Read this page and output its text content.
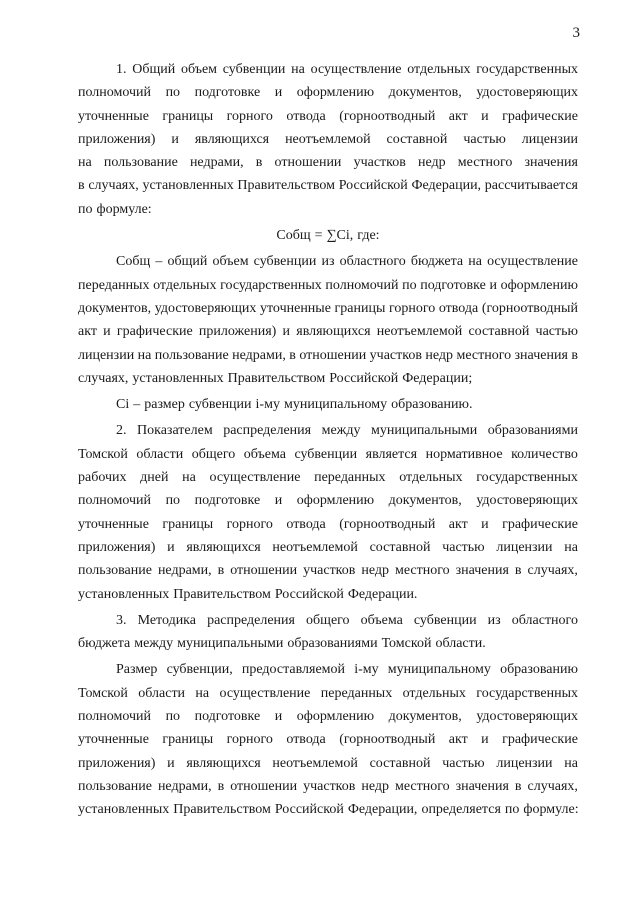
3
1. Общий объем субвенции на осуществление отдельных государственных
полномочий по подготовке и оформлению документов, удостоверяющих
уточненные границы горного отвода (горноотводный акт и графические
приложения) и являющихся неотъемлемой составной частью лицензии
на пользование недрами, в отношении участков недр местного значения
в случаях, установленных Правительством Российской Федерации, рассчитывается
по формуле:
Собщ = ∑Сi, где:
Собщ – общий объем субвенции из областного бюджета на осуществление
переданных отдельных государственных полномочий по подготовке и оформлению
документов, удостоверяющих уточненные границы горного отвода (горноотводный
акт и графические приложения) и являющихся неотъемлемой составной частью
лицензии на пользование недрами, в отношении участков недр местного значения в
случаях, установленных Правительством Российской Федерации;
Сi – размер субвенции i-му муниципальному образованию.
2. Показателем распределения между муниципальными образованиями
Томской области общего объема субвенции является нормативное количество
рабочих дней на осуществление переданных отдельных государственных
полномочий по подготовке и оформлению документов, удостоверяющих
уточненные границы горного отвода (горноотводный акт и графические
приложения) и являющихся неотъемлемой составной частью лицензии на
пользование недрами, в отношении участков недр местного значения в случаях,
установленных Правительством Российской Федерации.
3. Методика распределения общего объема субвенции из областного
бюджета между муниципальными образованиями Томской области.
Размер субвенции, предоставляемой i-му муниципальному образованию
Томской области на осуществление переданных отдельных государственных
полномочий по подготовке и оформлению документов, удостоверяющих
уточненные границы горного отвода (горноотводный акт и графические
приложения) и являющихся неотъемлемой составной частью лицензии на
пользование недрами, в отношении участков недр местного значения в случаях,
установленных Правительством Российской Федерации, определяется по формуле:
